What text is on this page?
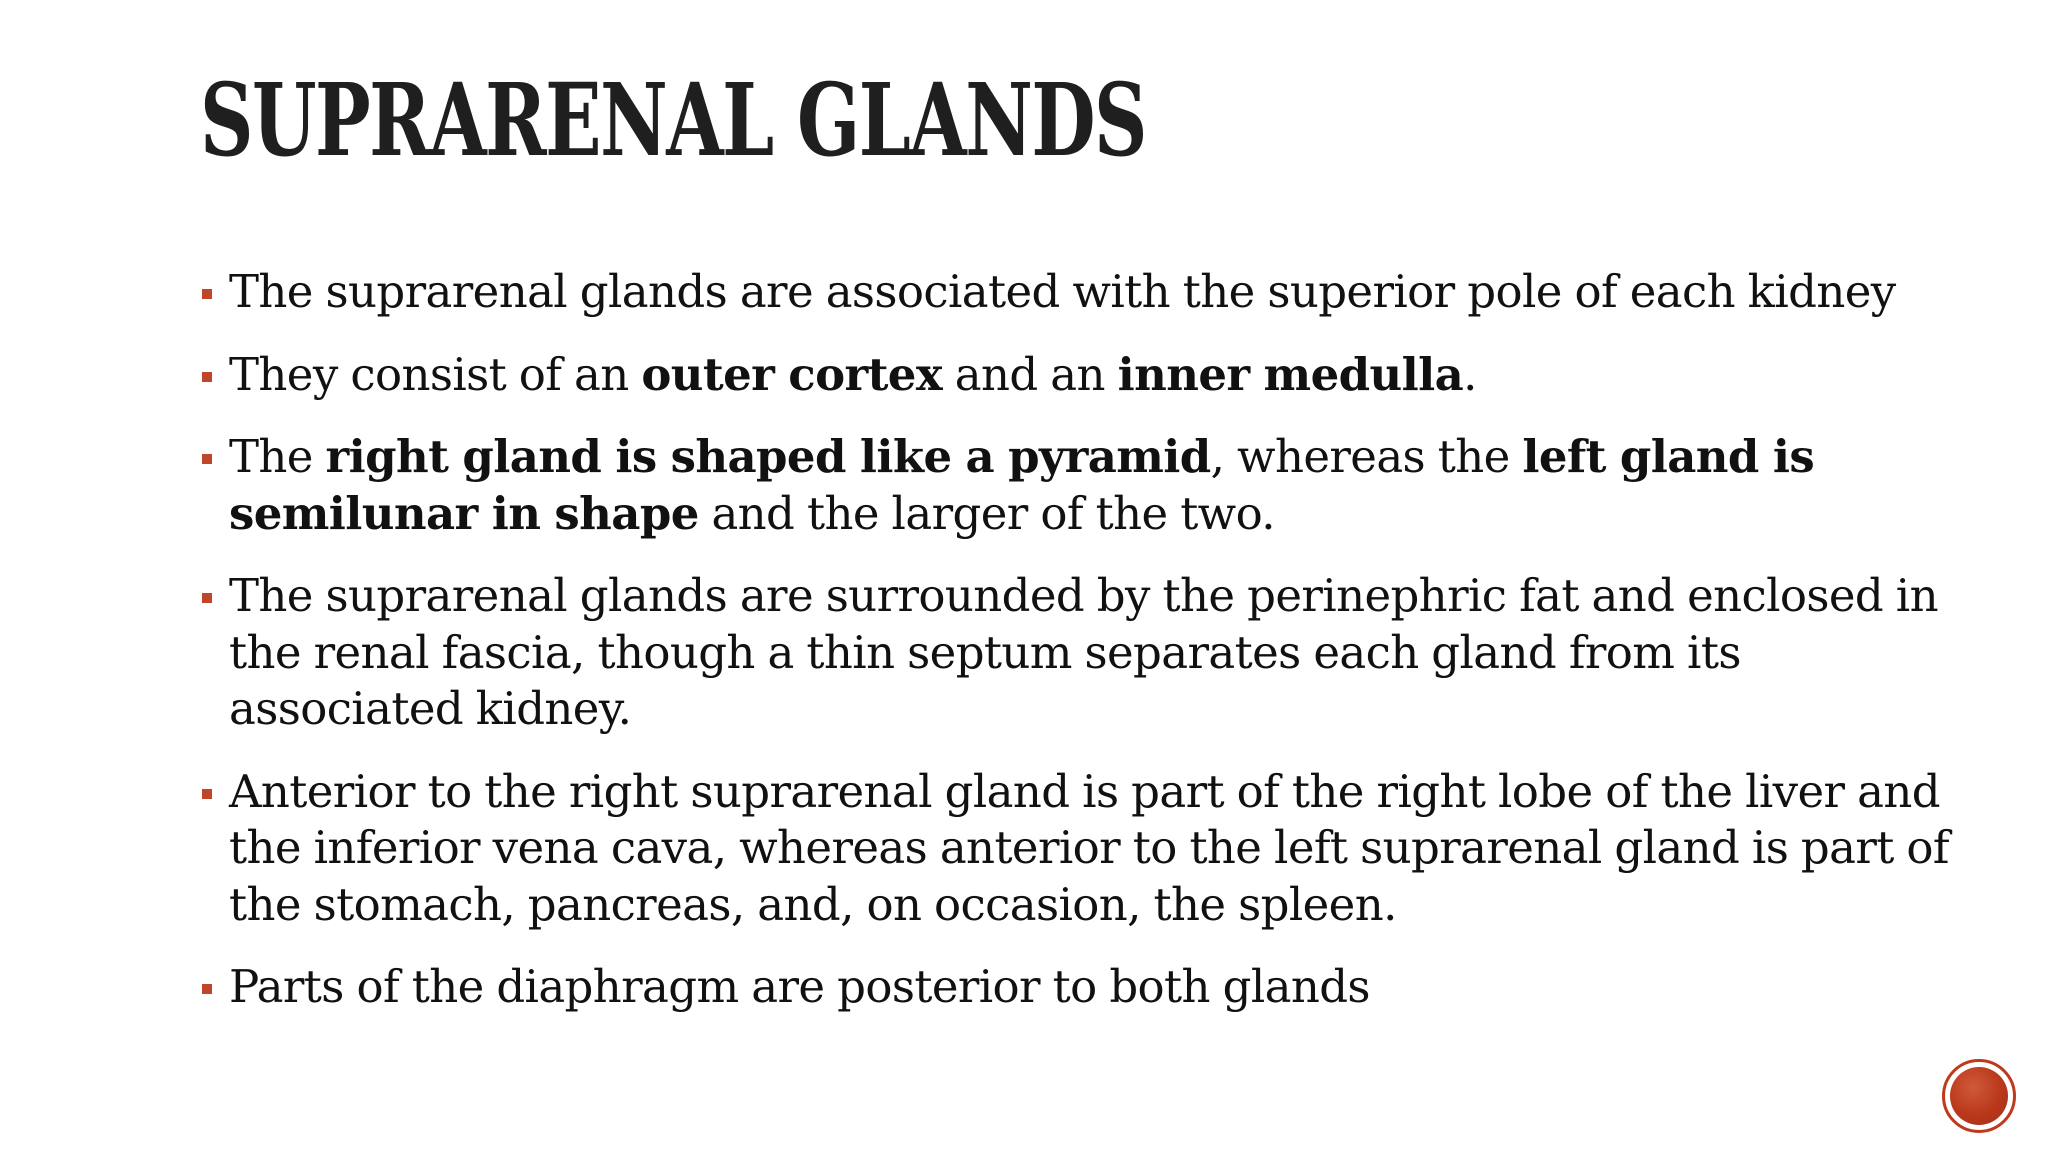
SUPRARENAL GLANDS
The suprarenal glands are associated with the superior pole of each kidney
They consist of an outer cortex and an inner medulla.
The right gland is shaped like a pyramid, whereas the left gland is semilunar in shape and the larger of the two.
The suprarenal glands are surrounded by the perinephric fat and enclosed in the renal fascia, though a thin septum separates each gland from its associated kidney.
Anterior to the right suprarenal gland is part of the right lobe of the liver and the inferior vena cava, whereas anterior to the left suprarenal gland is part of the stomach, pancreas, and, on occasion, the spleen.
Parts of the diaphragm are posterior to both glands
